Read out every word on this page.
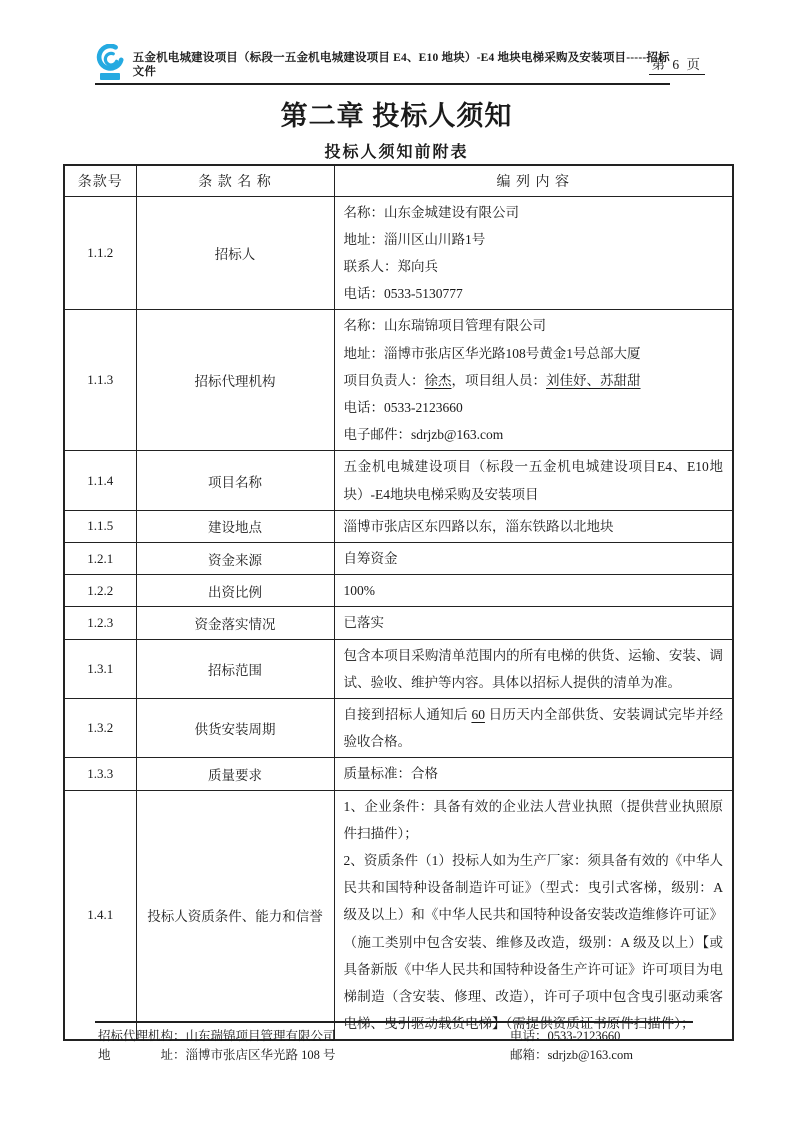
五金机电城建设项目（标段一五金机电城建设项目 E4、E10 地块）-E4 地块电梯采购及安装项目-----招标文件	第 6 页
第二章 投标人须知
投标人须知前附表
条款号	条 款 名 称	编 列 内 容
1.1.2	招标人	名称：山东金城建设有限公司

地址：淄川区山川路1号

联系人：郑向兵

电话：0533-5130777

1.1.3	招标代理机构	名称：山东瑞锦项目管理有限公司

地址：淄博市张店区华光路108号黄金1号总部大厦

项目负责人：徐杰，项目组人员：刘佳妤、苏甜甜

电话：0533-2123660

电子邮件：sdrjzb@163.com

1.1.4	项目名称	五金机电城建设项目（标段一五金机电城建设项目E4、E10地块）-E4地块电梯采购及安装项目

1.1.5	建设地点	淄博市张店区东四路以东，淄东铁路以北地块

1.2.1	资金来源	自筹资金

1.2.2	出资比例	100%

1.2.3	资金落实情况	已落实

1.3.1	招标范围	包含本项目采购清单范围内的所有电梯的供货、运输、安装、调试、验收、维护等内容。具体以招标人提供的清单为准。

1.3.2	供货安装周期	自接到招标人通知后 60 日历天内全部供货、安装调试完毕并经验收合格。

1.3.3	质量要求	质量标准：合格

1.4.1	投标人资质条件、能力和信誉	1、企业条件：具备有效的企业法人营业执照（提供营业执照原件扫描件）；

2、资质条件（1）投标人如为生产厂家：须具备有效的《中华人民共和国特种设备制造许可证》（型式：曳引式客梯，级别：A级及以上）和《中华人民共和国特种设备安装改造维修许可证》（施工类别中包含安装、维修及改造，级别：A 级及以上）【或具备新版《中华人民共和国特种设备生产许可证》许可项目为电梯制造（含安装、修理、改造），许可子项中包含曳引驱动乘客电梯、曳引驱动载货电梯】（需提供资质证书原件扫描件）；

招标代理机构：山东瑞锦项目管理有限公司
地　　　　址：淄博市张店区华光路 108 号
电话：0533-2123660
邮箱：sdrjzb@163.com
